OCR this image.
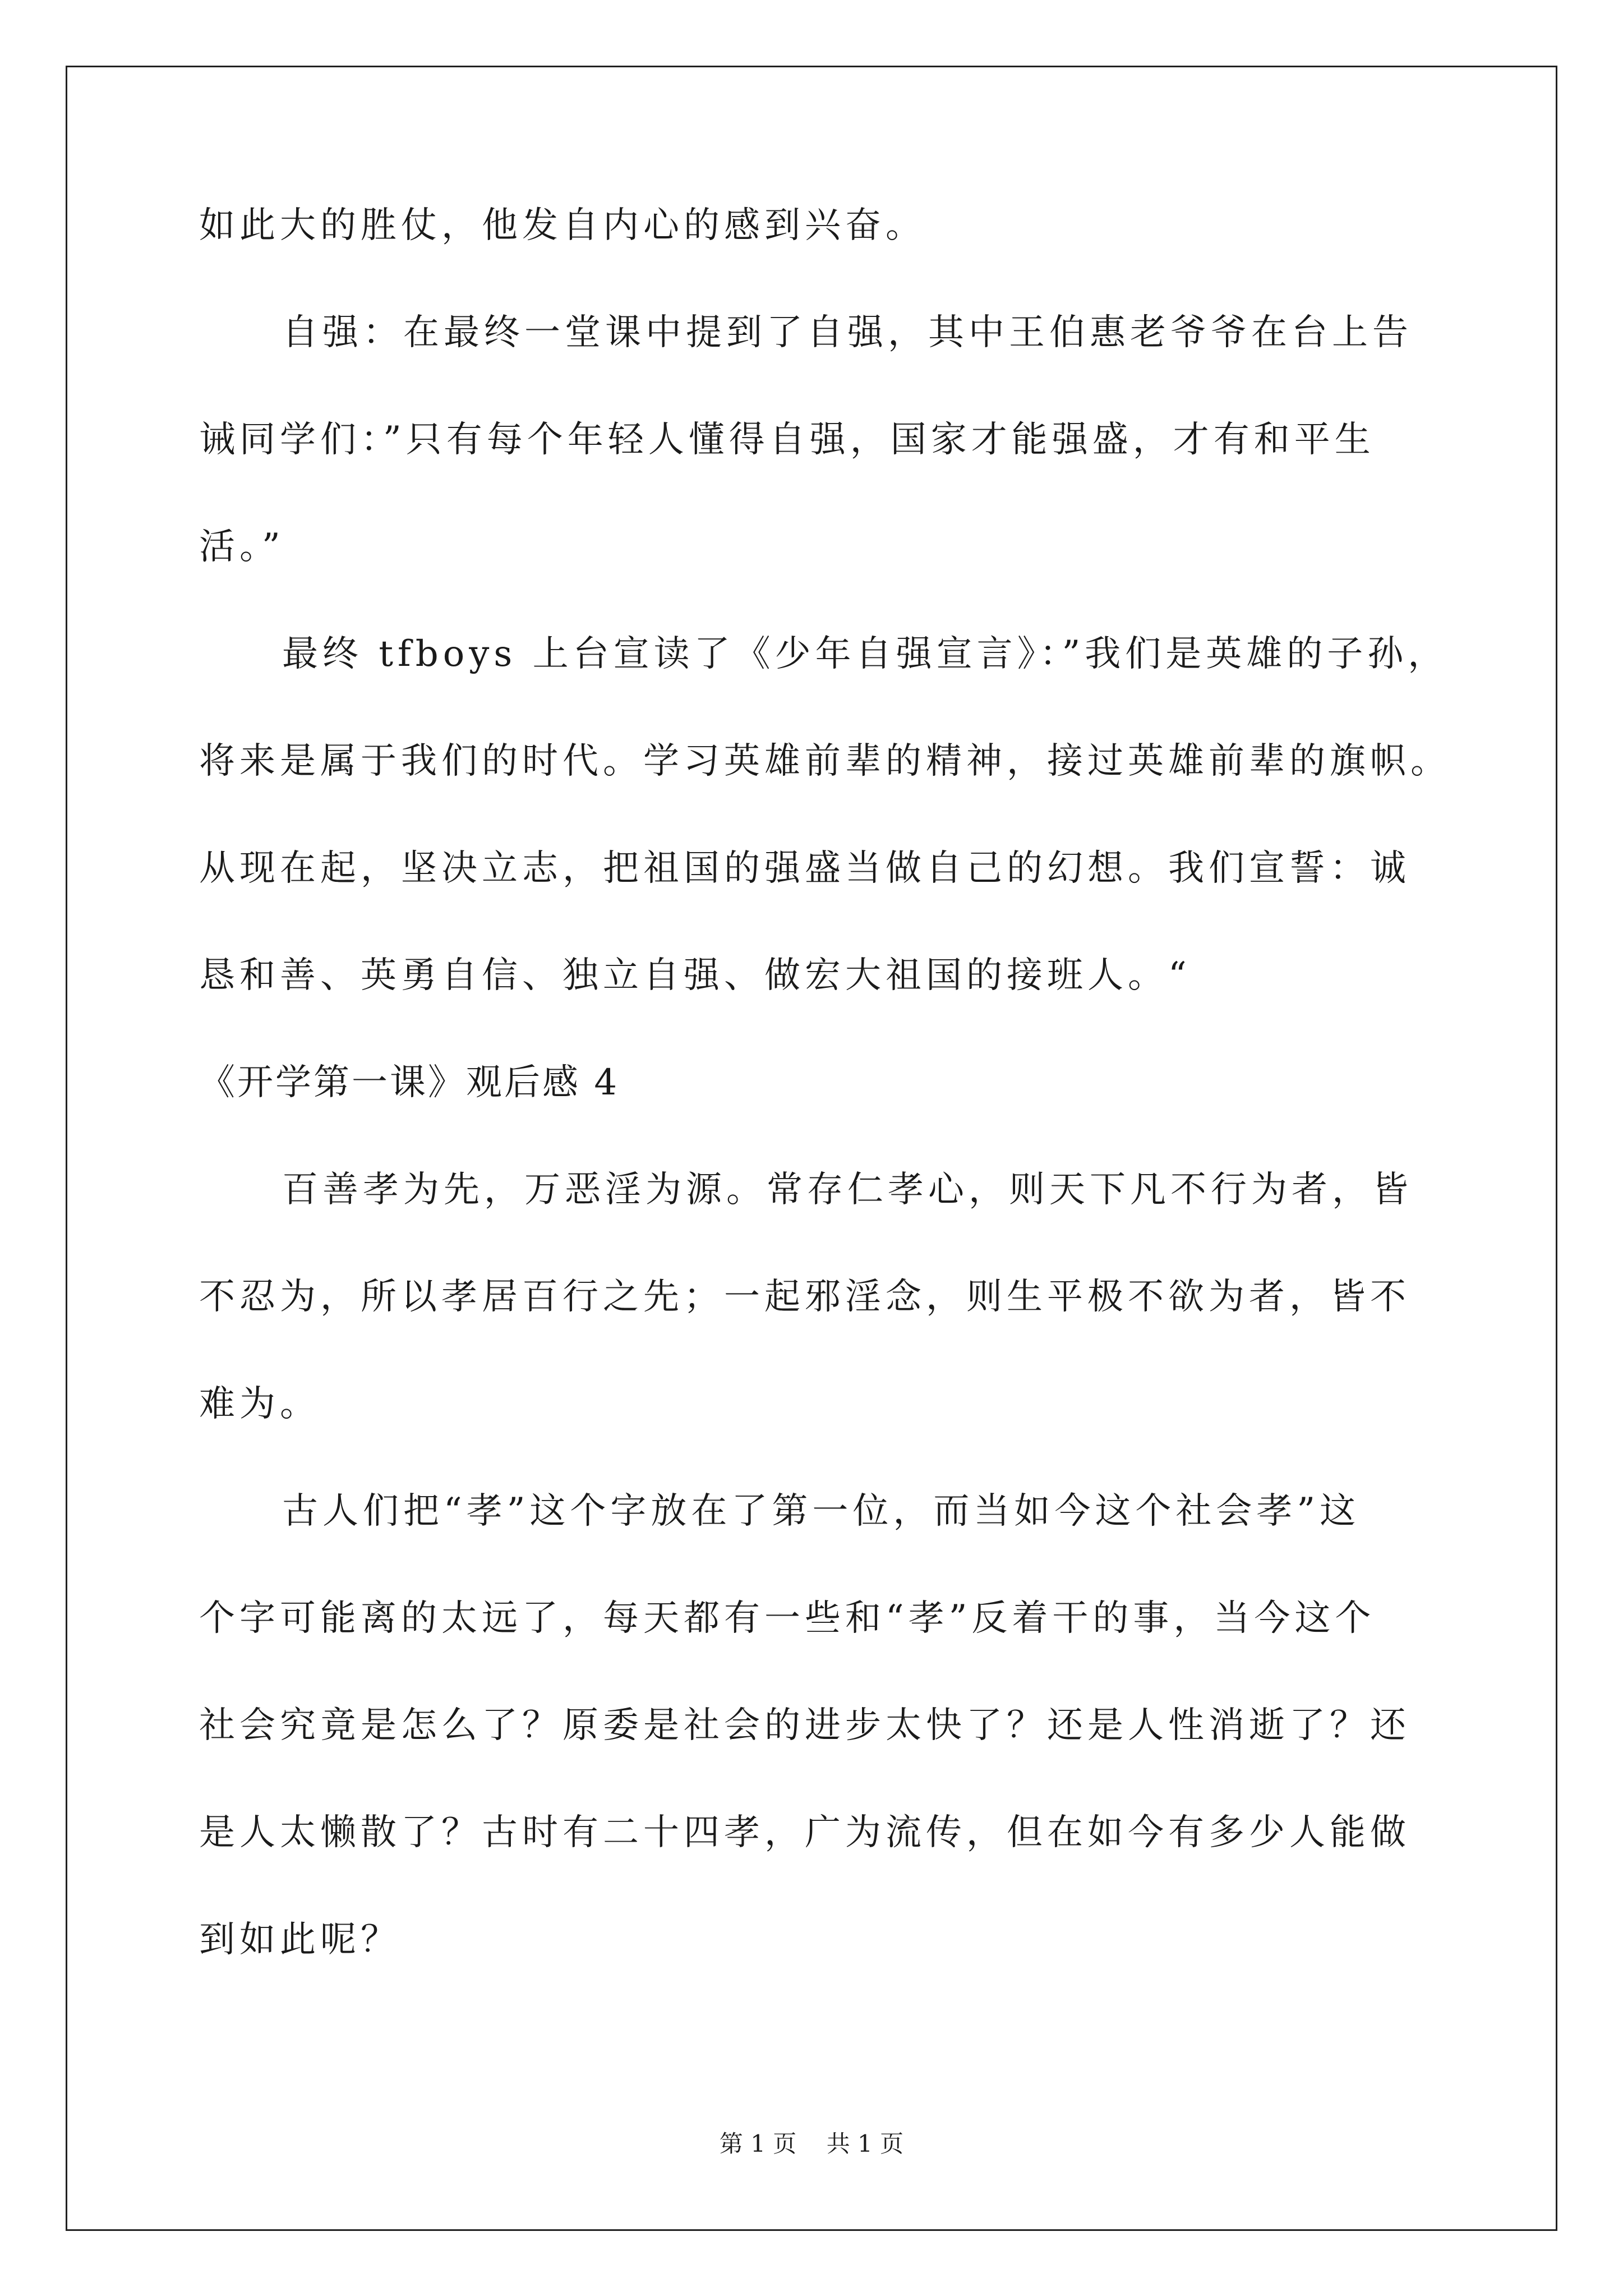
如此大的胜仗，他发自内心的感到兴奋。
自强：在最终一堂课中提到了自强，其中王伯惠老爷爷在台上告
诫同学们：”只有每个年轻人懂得自强，国家才能强盛，才有和平生
活。”
最终 tfboys 上台宣读了《少年自强宣言》：”我们是英雄的子孙，
将来是属于我们的时代。学习英雄前辈的精神，接过英雄前辈的旗帜。
从现在起，坚决立志，把祖国的强盛当做自己的幻想。我们宣誓：诚
恳和善、英勇自信、独立自强、做宏大祖国的接班人。“
《开学第一课》观后感 4
百善孝为先，万恶淫为源。常存仁孝心，则天下凡不行为者，皆
不忍为，所以孝居百行之先；一起邪淫念，则生平极不欲为者，皆不
难为。
古人们把“孝”这个字放在了第一位，而当如今这个社会孝”这
个字可能离的太远了，每天都有一些和“孝”反着干的事，当今这个
社会究竟是怎么了？原委是社会的进步太快了？还是人性消逝了？还
是人太懒散了？古时有二十四孝，广为流传，但在如今有多少人能做
到如此呢？
第 1 页    共 1 页
